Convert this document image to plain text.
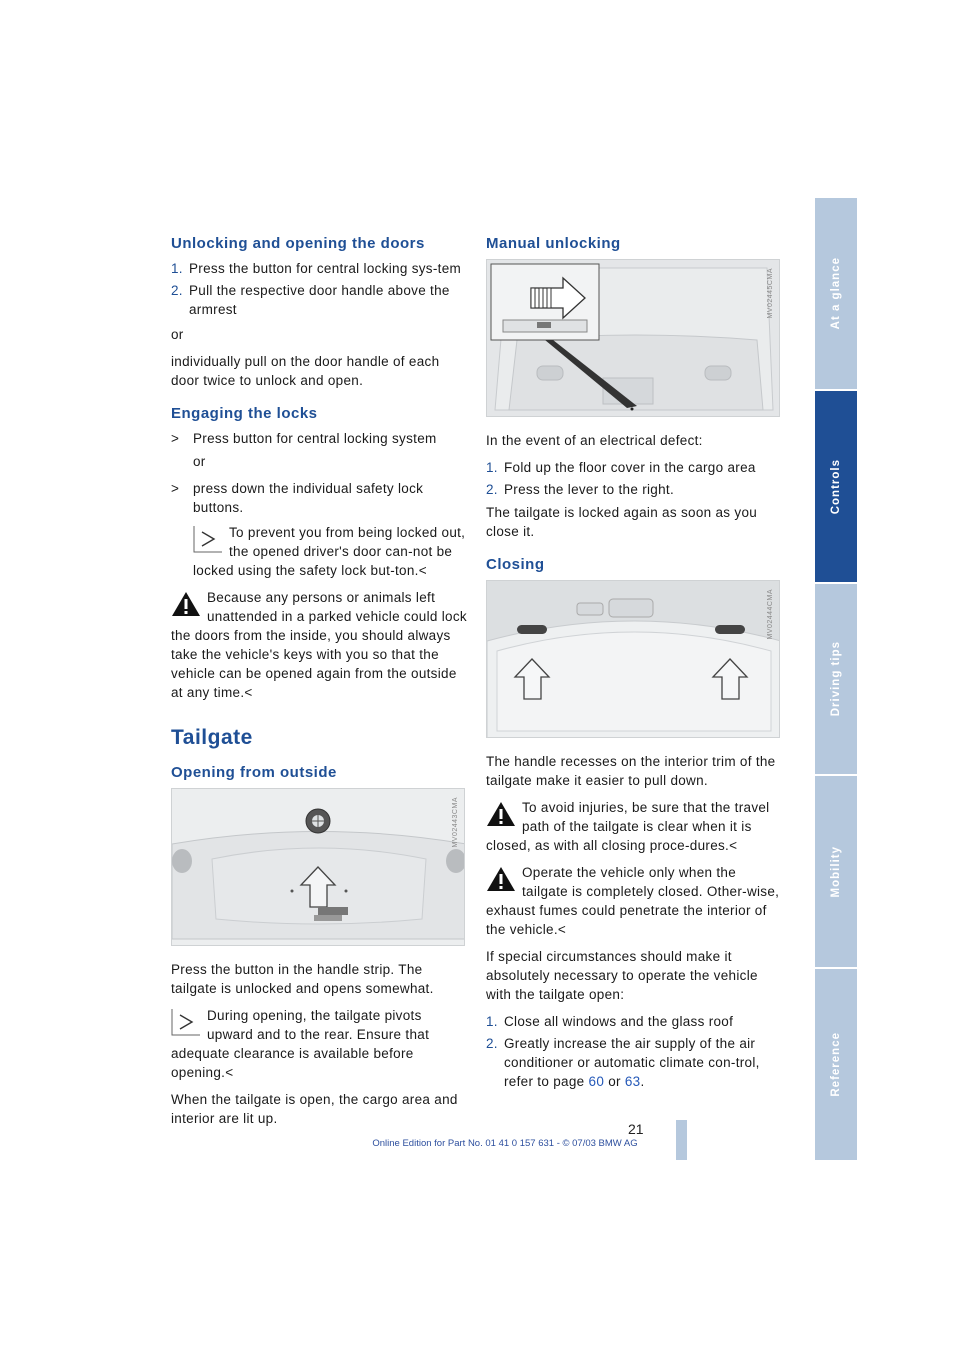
Unlocking and opening the doors
1. Press the button for central locking sys-tem
2. Pull the respective door handle above the armrest

or

individually pull on the door handle of each door twice to unlock and open.

Engaging the locks
>	Press button for central locking system

or

>	press down the individual safety lock buttons.
To prevent you from being locked out, the opened driver's door can-not be locked using the safety lock but-ton.<
Because any persons or animals left unattended in a parked vehicle could lock the doors from the inside, you should always take the vehicle's keys with you so that the vehicle can be opened again from the outside at any time.<
Tailgate
Opening from outside
MV02443CMA

Press the button in the handle strip. The tailgate is unlocked and opens somewhat.

During opening, the tailgate pivots upward and to the rear. Ensure that adequate clearance is available before opening.<

When the tailgate is open, the cargo area and interior are lit up.

Manual unlocking
MV02445CMA

In the event of an electrical defect:

1. Fold up the floor cover in the cargo area
2. Press the lever to the right.

The tailgate is locked again as soon as you close it.

Closing
MV02444CMA

The handle recesses on the interior trim of the tailgate make it easier to pull down.

To avoid injuries, be sure that the travel path of the tailgate is clear when it is closed, as with all closing proce-dures.<
Operate the vehicle only when the tailgate is completely closed. Other-wise, exhaust fumes could penetrate the interior of the vehicle.<

If special circumstances should make it absolutely necessary to operate the vehicle with the tailgate open:

1. Close all windows and the glass roof
2. Greatly increase the air supply of the air conditioner or automatic climate con-trol, refer to page 60 or 63.
At a glance
Controls
Driving tips
Mobility
Reference
21
Online Edition for Part No. 01 41 0 157 631 - © 07/03 BMW AG
